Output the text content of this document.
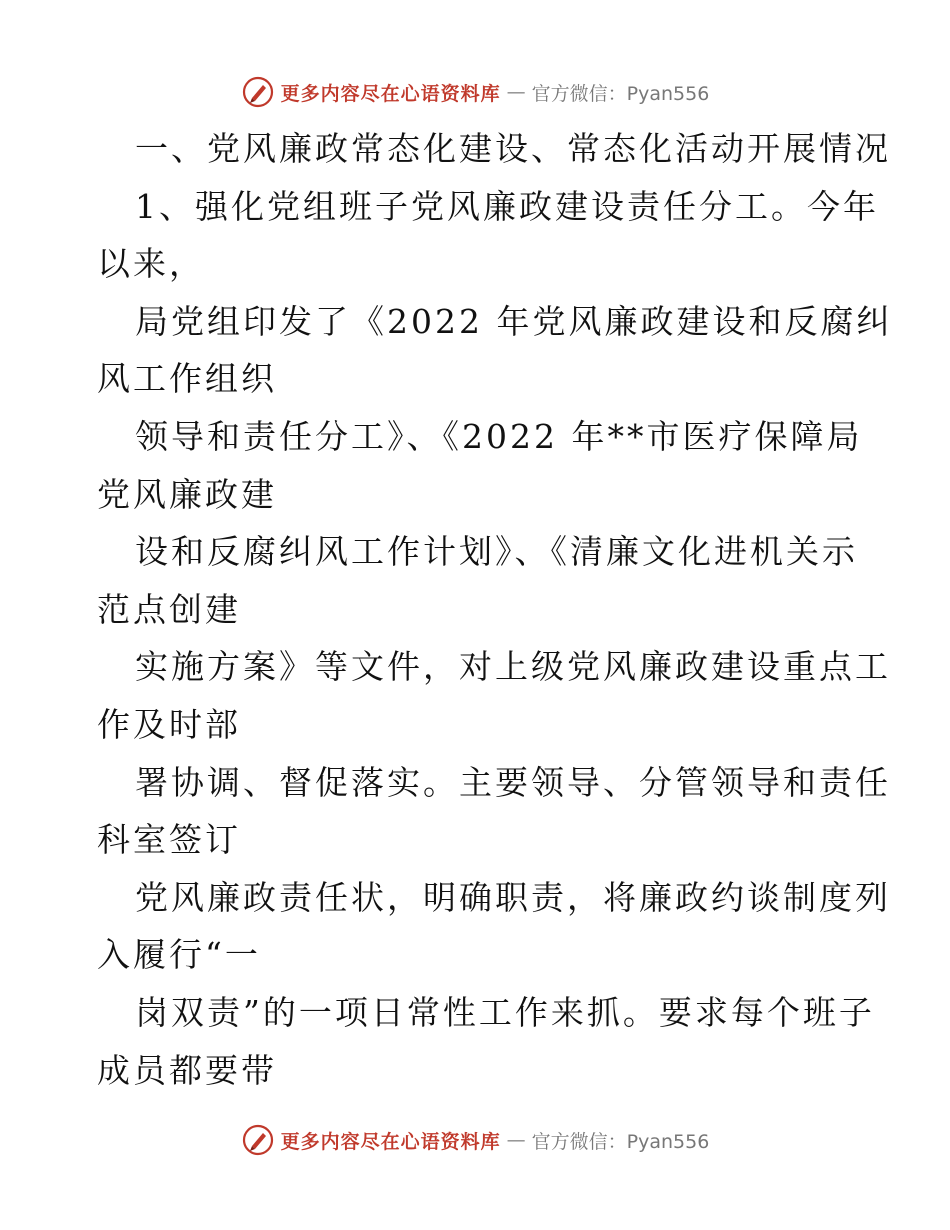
更多内容尽在心语资料库 — 官方微信：Pyan556
一、党风廉政常态化建设、常态化活动开展情况
1、强化党组班子党风廉政建设责任分工。今年
以来，
局党组印发了《2022 年党风廉政建设和反腐纠
风工作组织
领导和责任分工》、《2022 年**市医疗保障局
党风廉政建
设和反腐纠风工作计划》、《清廉文化进机关示
范点创建
实施方案》等文件，对上级党风廉政建设重点工
作及时部
署协调、督促落实。主要领导、分管领导和责任
科室签订
党风廉政责任状，明确职责，将廉政约谈制度列
入履行“一
岗双责”的一项日常性工作来抓。要求每个班子
成员都要带
更多内容尽在心语资料库 — 官方微信：Pyan556
